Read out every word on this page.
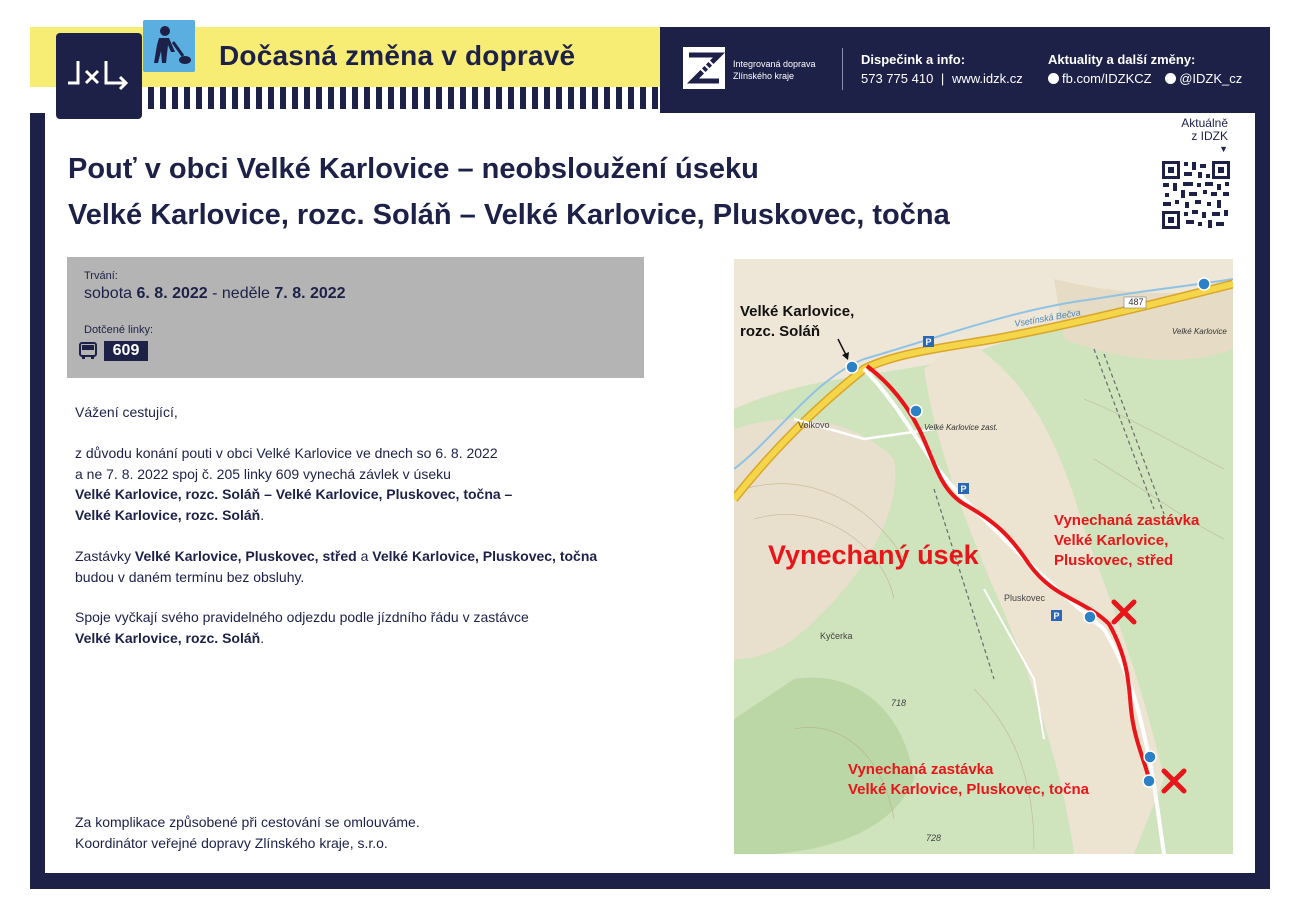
Dočasná změna v dopravě	Integrovaná doprava
Zlínského kraje
Dispečink a info:
573 775 410 | www.idzk.cz
Aktuality a další změny:
fb.com/IDZKCZ @IDZK_cz
Pouť v obci Velké Karlovice – neobsloužení úseku
Velké Karlovice, rozc. Soláň – Velké Karlovice, Pluskovec, točna
Aktuálně
z IDZK
▼
Trvání:
sobota 6. 8. 2022 - neděle 7. 8. 2022
Dotčené linky:
609
Vážení cestující,
z důvodu konání pouti v obci Velké Karlovice ve dnech so 6. 8. 2022
a ne 7. 8. 2022 spoj č. 205 linky 609 vynechá závlek v úseku
Velké Karlovice, rozc. Soláň – Velké Karlovice, Pluskovec, točna –
Velké Karlovice, rozc. Soláň.
Zastávky Velké Karlovice, Pluskovec, střed a Velké Karlovice, Pluskovec, točna
budou v daném termínu bez obsluhy.
Spoje vyčkají svého pravidelného odjezdu podle jízdního řádu v zastávce
Velké Karlovice, rozc. Soláň.
Za komplikace způsobené při cestování se omlouváme.
Koordinátor veřejné dopravy Zlínského kraje, s.r.o.
P
P
P
487
Vsetínská Bečva
Velké Karlovice
Velké Karlovice zast.
Volkovo
Pluskovec
Kyčerka
718
728
Velké Karlovice,
rozc. Soláň
Vynechaný úsek
Vynechaná zastávka
Velké Karlovice,
Pluskovec, střed
Vynechaná zastávka
Velké Karlovice, Pluskovec, točna
